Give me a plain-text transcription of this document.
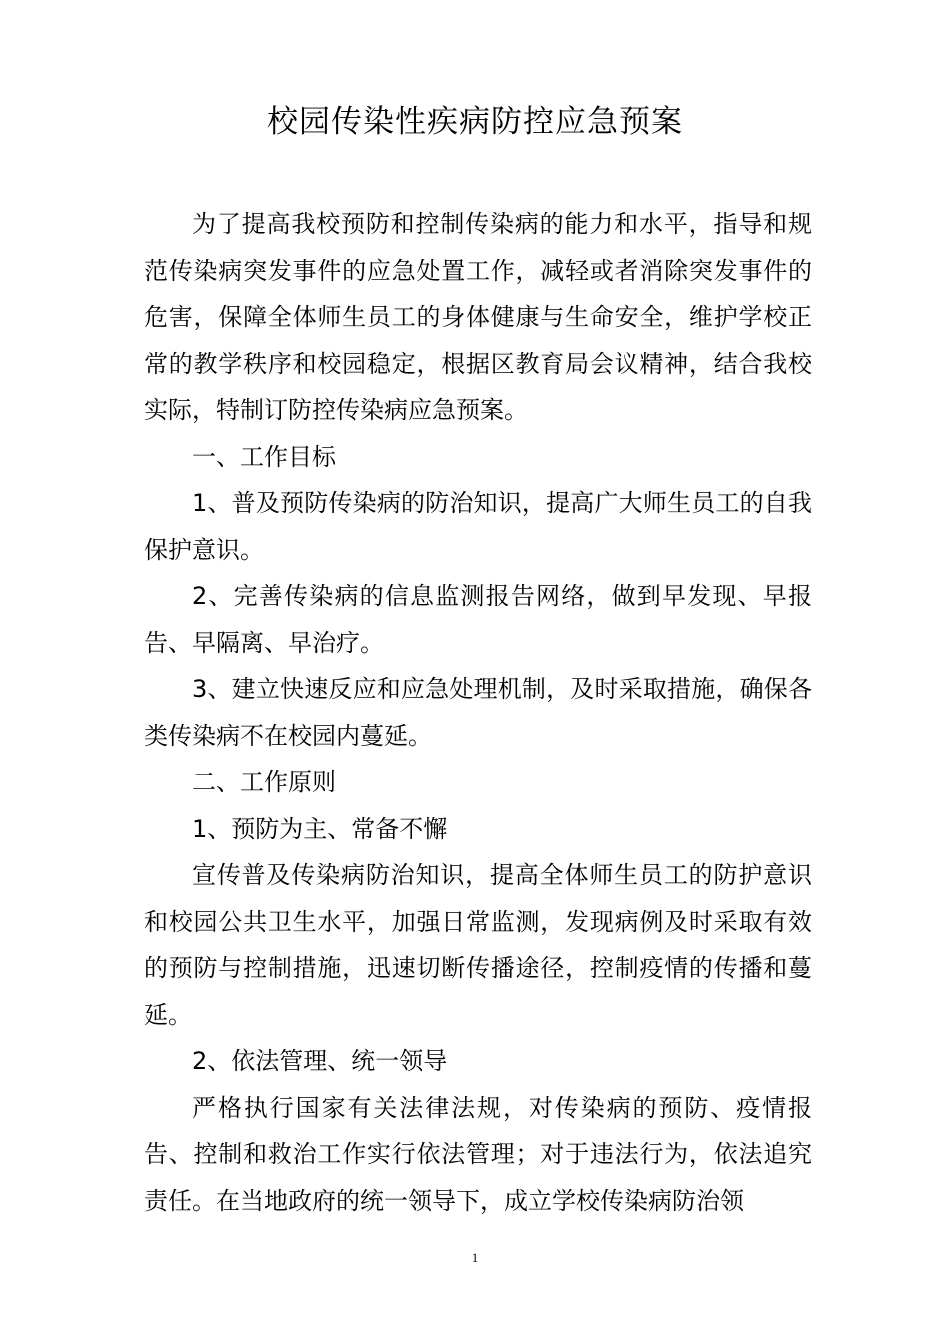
校园传染性疾病防控应急预案

为了提高我校预防和控制传染病的能力和水平，指导和规范传染病突发事件的应急处置工作，减轻或者消除突发事件的危害，保障全体师生员工的身体健康与生命安全，维护学校正常的教学秩序和校园稳定，根据区教育局会议精神，结合我校实际，特制订防控传染病应急预案。

一、工作目标

1、普及预防传染病的防治知识，提高广大师生员工的自我保护意识。

2、完善传染病的信息监测报告网络，做到早发现、早报告、早隔离、早治疗。

3、建立快速反应和应急处理机制，及时采取措施，确保各类传染病不在校园内蔓延。

二、工作原则

1、预防为主、常备不懈

宣传普及传染病防治知识，提高全体师生员工的防护意识和校园公共卫生水平，加强日常监测，发现病例及时采取有效的预防与控制措施，迅速切断传播途径，控制疫情的传播和蔓延。

2、依法管理、统一领导

严格执行国家有关法律法规，对传染病的预防、疫情报告、控制和救治工作实行依法管理；对于违法行为，依法追究责任。在当地政府的统一领导下，成立学校传染病防治领

1
